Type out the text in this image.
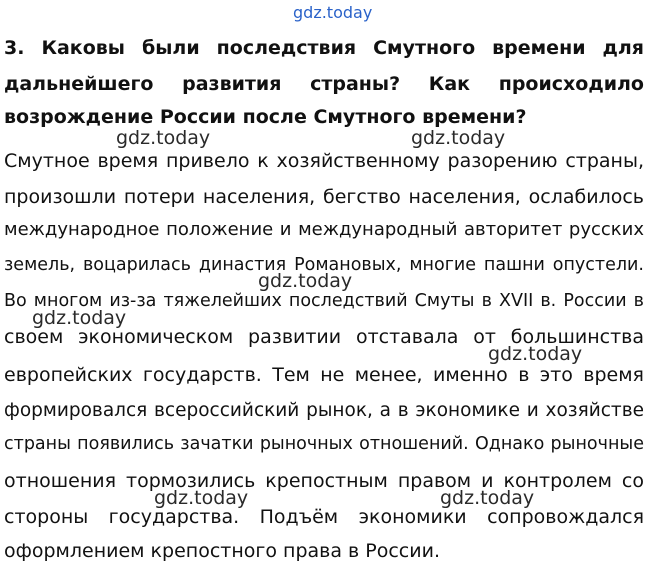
gdz.today
3. Каковы были последствия Смутного времени для
дальнейшего развития страны? Как происходило
возрождение России после Смутного времени?
Смутное время привело к хозяйственному разорению страны,
произошли потери населения, бегство населения, ослабилось
международное положение и международный авторитет русских
земель, воцарилась династия Романовых, многие пашни опустели.
Во многом из-за тяжелейших последствий Смуты в XVII в. России в
своем экономическом развитии отставала от большинства
европейских государств. Тем не менее, именно в это время
формировался всероссийский рынок, а в экономике и хозяйстве
страны появились зачатки рыночных отношений. Однако рыночные
отношения тормозились крепостным правом и контролем со
стороны государства. Подъём экономики сопровождался
оформлением крепостного права в России.
gdz.today	gdz.today
gdz.today
gdz.today
gdz.today
gdz.today	gdz.today
